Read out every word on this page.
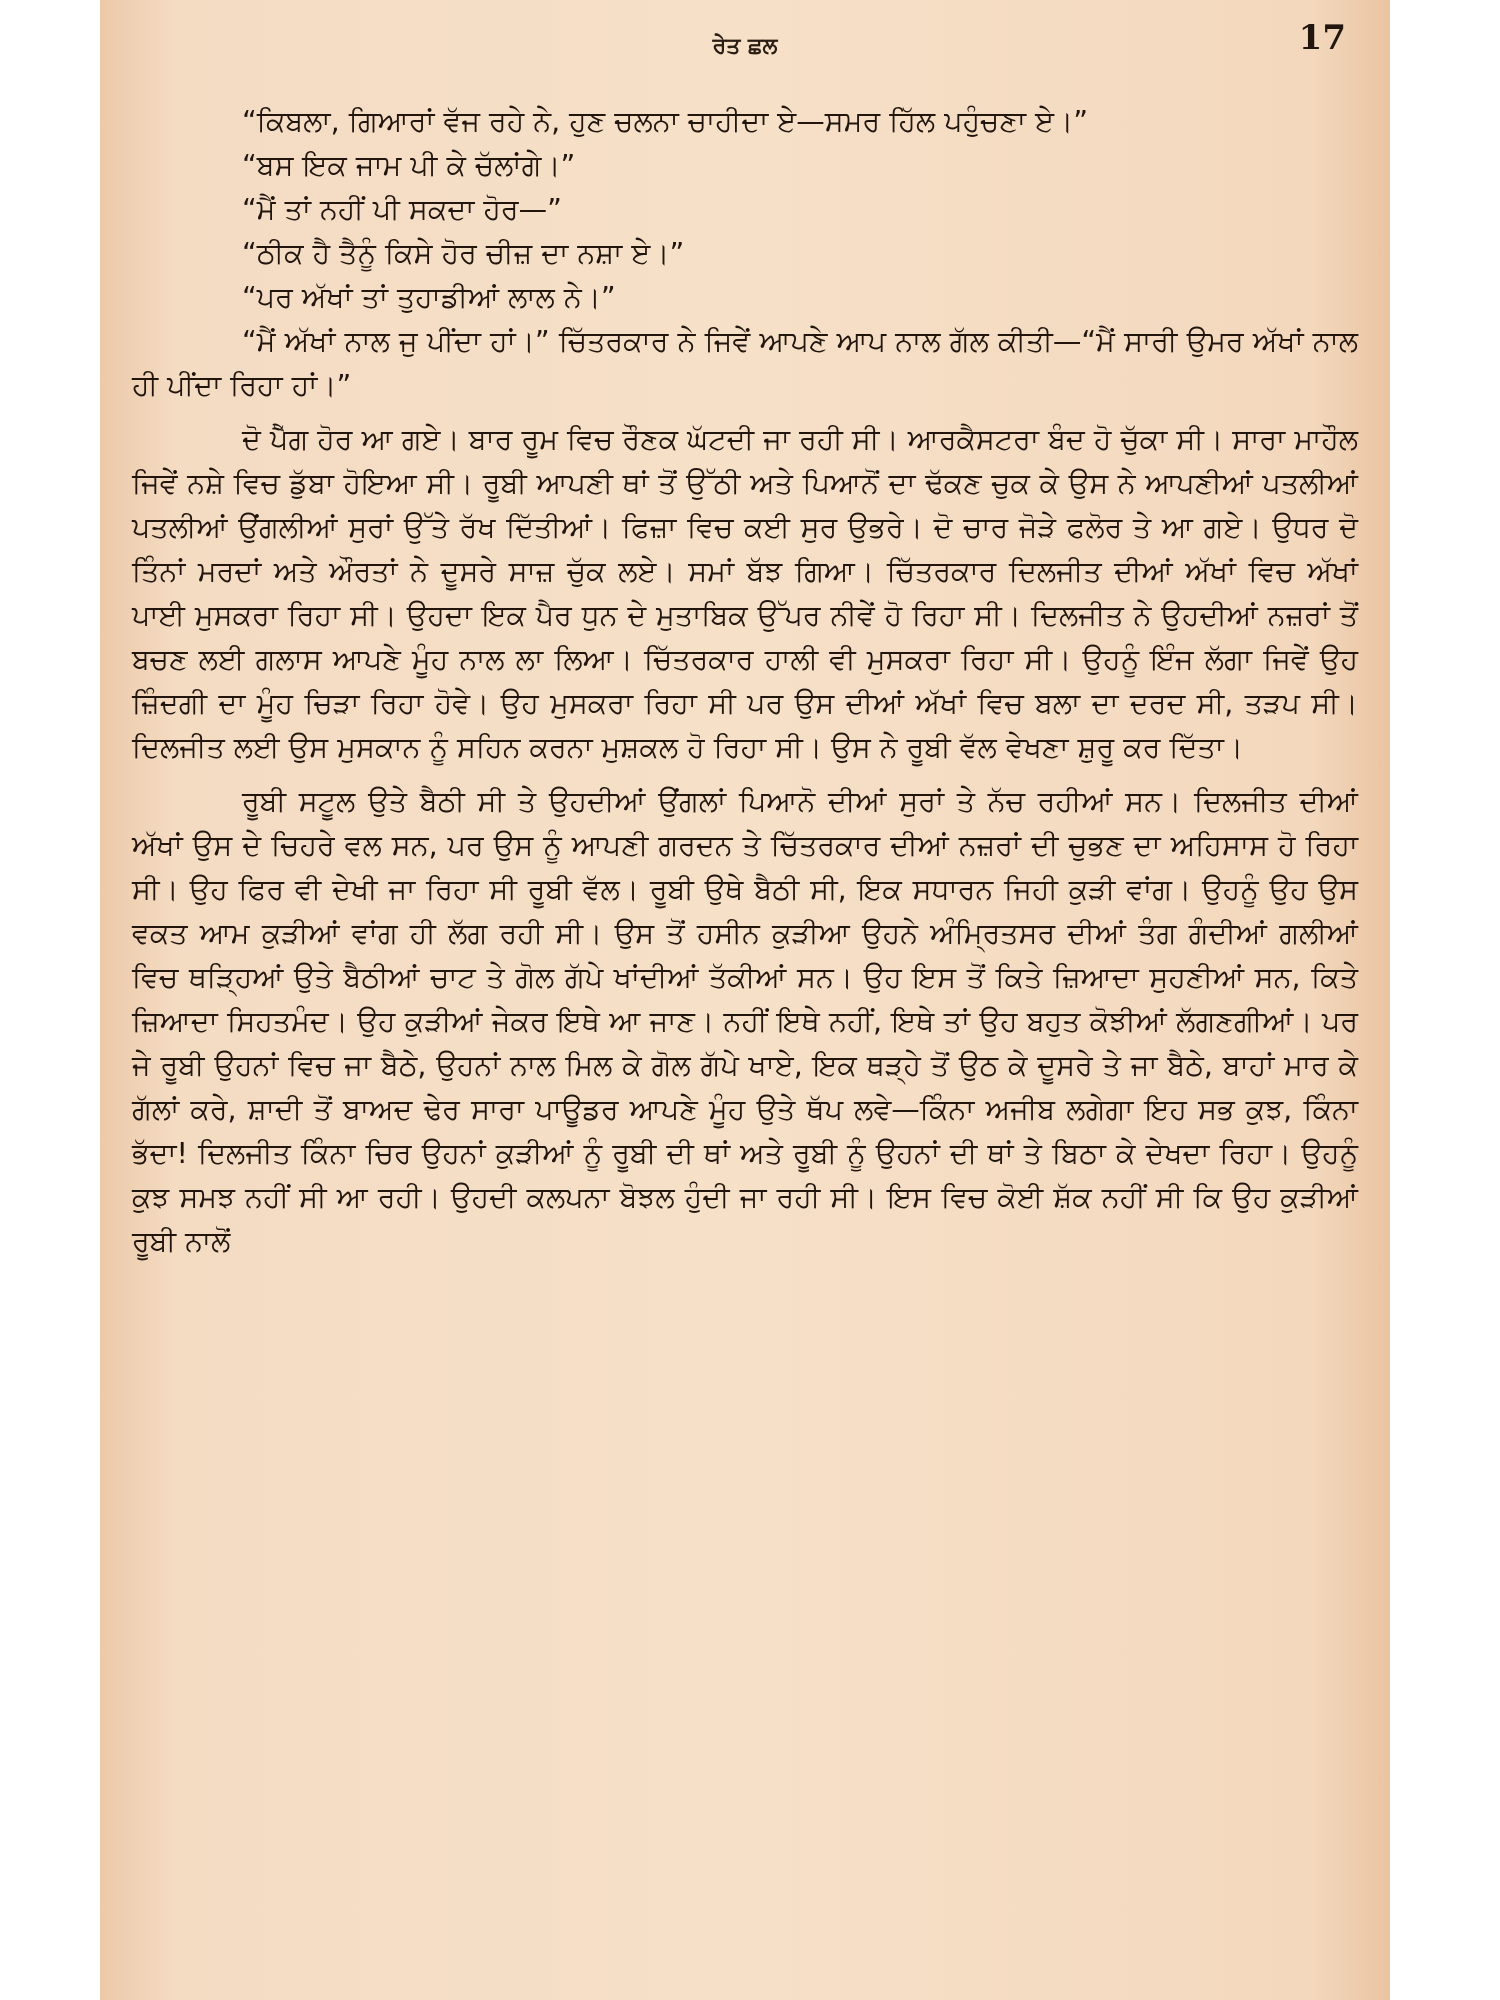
ਰੇਤ ਛਲ	17

“ਕਿਬਲਾ, ਗਿਆਰਾਂ ਵੱਜ ਰਹੇ ਨੇ, ਹੁਣ ਚਲਨਾ ਚਾਹੀਦਾ ਏ—ਸਮਰ ਹਿੱਲ ਪਹੁੰਚਣਾ ਏ।”

“ਬਸ ਇਕ ਜਾਮ ਪੀ ਕੇ ਚੱਲਾਂਗੇ।”

“ਮੈਂ ਤਾਂ ਨਹੀਂ ਪੀ ਸਕਦਾ ਹੋਰ—”

“ਠੀਕ ਹੈ ਤੈਨੂੰ ਕਿਸੇ ਹੋਰ ਚੀਜ਼ ਦਾ ਨਸ਼ਾ ਏ।”

“ਪਰ ਅੱਖਾਂ ਤਾਂ ਤੁਹਾਡੀਆਂ ਲਾਲ ਨੇ।”

“ਮੈਂ ਅੱਖਾਂ ਨਾਲ ਜੁ ਪੀਂਦਾ ਹਾਂ।” ਚਿੱਤਰਕਾਰ ਨੇ ਜਿਵੇਂ ਆਪਣੇ ਆਪ ਨਾਲ ਗੱਲ ਕੀਤੀ—“ਮੈਂ ਸਾਰੀ ਉਮਰ ਅੱਖਾਂ ਨਾਲ ਹੀ ਪੀਂਦਾ ਰਿਹਾ ਹਾਂ।”

ਦੋ ਪੈੱਗ ਹੋਰ ਆ ਗਏ। ਬਾਰ ਰੂਮ ਵਿਚ ਰੌਣਕ ਘੱਟਦੀ ਜਾ ਰਹੀ ਸੀ। ਆਰਕੈਸਟਰਾ ਬੰਦ ਹੋ ਚੁੱਕਾ ਸੀ। ਸਾਰਾ ਮਾਹੌਲ ਜਿਵੇਂ ਨਸ਼ੇ ਵਿਚ ਡੁੱਬਾ ਹੋਇਆ ਸੀ। ਰੂਬੀ ਆਪਣੀ ਥਾਂ ਤੋਂ ਉੱਠੀ ਅਤੇ ਪਿਆਨੋਂ ਦਾ ਢੱਕਣ ਚੁਕ ਕੇ ਉਸ ਨੇ ਆਪਣੀਆਂ ਪਤਲੀਆਂ ਪਤਲੀਆਂ ਉਂਗਲੀਆਂ ਸੁਰਾਂ ਉੱਤੇ ਰੱਖ ਦਿੱਤੀਆਂ। ਫਿਜ਼ਾ ਵਿਚ ਕਈ ਸੁਰ ਉਭਰੇ। ਦੋ ਚਾਰ ਜੋੜੇ ਫਲੋਰ ਤੇ ਆ ਗਏ। ਉਧਰ ਦੋ ਤਿੰਨਾਂ ਮਰਦਾਂ ਅਤੇ ਔਰਤਾਂ ਨੇ ਦੂਸਰੇ ਸਾਜ਼ ਚੁੱਕ ਲਏ। ਸਮਾਂ ਬੱਝ ਗਿਆ। ਚਿੱਤਰਕਾਰ ਦਿਲਜੀਤ ਦੀਆਂ ਅੱਖਾਂ ਵਿਚ ਅੱਖਾਂ ਪਾਈ ਮੁਸਕਰਾ ਰਿਹਾ ਸੀ। ਉਹਦਾ ਇਕ ਪੈਰ ਧੁਨ ਦੇ ਮੁਤਾਬਿਕ ਉੱਪਰ ਨੀਵੇਂ ਹੋ ਰਿਹਾ ਸੀ। ਦਿਲਜੀਤ ਨੇ ਉਹਦੀਆਂ ਨਜ਼ਰਾਂ ਤੋਂ ਬਚਣ ਲਈ ਗਲਾਸ ਆਪਣੇ ਮੂੰਹ ਨਾਲ ਲਾ ਲਿਆ। ਚਿੱਤਰਕਾਰ ਹਾਲੀ ਵੀ ਮੁਸਕਰਾ ਰਿਹਾ ਸੀ। ਉਹਨੂੰ ਇੰਜ ਲੱਗਾ ਜਿਵੇਂ ਉਹ ਜ਼ਿੰਦਗੀ ਦਾ ਮੂੰਹ ਚਿੜਾ ਰਿਹਾ ਹੋਵੇ। ਉਹ ਮੁਸਕਰਾ ਰਿਹਾ ਸੀ ਪਰ ਉਸ ਦੀਆਂ ਅੱਖਾਂ ਵਿਚ ਬਲਾ ਦਾ ਦਰਦ ਸੀ, ਤੜਪ ਸੀ। ਦਿਲਜੀਤ ਲਈ ਉਸ ਮੁਸਕਾਨ ਨੂੰ ਸਹਿਨ ਕਰਨਾ ਮੁਸ਼ਕਲ ਹੋ ਰਿਹਾ ਸੀ। ਉਸ ਨੇ ਰੂਬੀ ਵੱਲ ਵੇਖਣਾ ਸ਼ੁਰੂ ਕਰ ਦਿੱਤਾ।

ਰੂਬੀ ਸਟੂਲ ਉਤੇ ਬੈਠੀ ਸੀ ਤੇ ਉਹਦੀਆਂ ਉਂਗਲਾਂ ਪਿਆਨੋ ਦੀਆਂ ਸੁਰਾਂ ਤੇ ਨੱਚ ਰਹੀਆਂ ਸਨ। ਦਿਲਜੀਤ ਦੀਆਂ ਅੱਖਾਂ ਉਸ ਦੇ ਚਿਹਰੇ ਵਲ ਸਨ, ਪਰ ਉਸ ਨੂੰ ਆਪਣੀ ਗਰਦਨ ਤੇ ਚਿੱਤਰਕਾਰ ਦੀਆਂ ਨਜ਼ਰਾਂ ਦੀ ਚੁਭਣ ਦਾ ਅਹਿਸਾਸ ਹੋ ਰਿਹਾ ਸੀ। ਉਹ ਫਿਰ ਵੀ ਦੇਖੀ ਜਾ ਰਿਹਾ ਸੀ ਰੂਬੀ ਵੱਲ। ਰੂਬੀ ਉਥੇ ਬੈਠੀ ਸੀ, ਇਕ ਸਧਾਰਨ ਜਿਹੀ ਕੁੜੀ ਵਾਂਗ। ਉਹਨੂੰ ਉਹ ਉਸ ਵਕਤ ਆਮ ਕੁੜੀਆਂ ਵਾਂਗ ਹੀ ਲੱਗ ਰਹੀ ਸੀ। ਉਸ ਤੋਂ ਹਸੀਨ ਕੁੜੀਆ ਉਹਨੇ ਅੰਮ੍ਰਿਤਸਰ ਦੀਆਂ ਤੰਗ ਗੰਦੀਆਂ ਗਲੀਆਂ ਵਿਚ ਥੜ੍ਹਿਆਂ ਉਤੇ ਬੈਠੀਆਂ ਚਾਟ ਤੇ ਗੋਲ ਗੱਪੇ ਖਾਂਦੀਆਂ ਤੱਕੀਆਂ ਸਨ। ਉਹ ਇਸ ਤੋਂ ਕਿਤੇ ਜ਼ਿਆਦਾ ਸੁਹਣੀਆਂ ਸਨ, ਕਿਤੇ ਜ਼ਿਆਦਾ ਸਿਹਤਮੰਦ। ਉਹ ਕੁੜੀਆਂ ਜੇਕਰ ਇਥੇ ਆ ਜਾਣ। ਨਹੀਂ ਇਥੇ ਨਹੀਂ, ਇਥੇ ਤਾਂ ਉਹ ਬਹੁਤ ਕੋਝੀਆਂ ਲੱਗਣਗੀਆਂ। ਪਰ ਜੇ ਰੂਬੀ ਉਹਨਾਂ ਵਿਚ ਜਾ ਬੈਠੇ, ਉਹਨਾਂ ਨਾਲ ਮਿਲ ਕੇ ਗੋਲ ਗੱਪੇ ਖਾਏ, ਇਕ ਥੜ੍ਹੇ ਤੋਂ ਉਠ ਕੇ ਦੂਸਰੇ ਤੇ ਜਾ ਬੈਠੇ, ਬਾਹਾਂ ਮਾਰ ਕੇ ਗੱਲਾਂ ਕਰੇ, ਸ਼ਾਦੀ ਤੋਂ ਬਾਅਦ ਢੇਰ ਸਾਰਾ ਪਾਊਡਰ ਆਪਣੇ ਮੂੰਹ ਉਤੇ ਥੱਪ ਲਵੇ—ਕਿੰਨਾ ਅਜੀਬ ਲਗੇਗਾ ਇਹ ਸਭ ਕੁਝ, ਕਿੰਨਾ ਭੱਦਾ! ਦਿਲਜੀਤ ਕਿੰਨਾ ਚਿਰ ਉਹਨਾਂ ਕੁੜੀਆਂ ਨੂੰ ਰੂਬੀ ਦੀ ਥਾਂ ਅਤੇ ਰੂਬੀ ਨੂੰ ਉਹਨਾਂ ਦੀ ਥਾਂ ਤੇ ਬਿਠਾ ਕੇ ਦੇਖਦਾ ਰਿਹਾ। ਉਹਨੂੰ ਕੁਝ ਸਮਝ ਨਹੀਂ ਸੀ ਆ ਰਹੀ। ਉਹਦੀ ਕਲਪਨਾ ਬੋਝਲ ਹੁੰਦੀ ਜਾ ਰਹੀ ਸੀ। ਇਸ ਵਿਚ ਕੋਈ ਸ਼ੱਕ ਨਹੀਂ ਸੀ ਕਿ ਉਹ ਕੁੜੀਆਂ ਰੂਬੀ ਨਾਲੋਂ
